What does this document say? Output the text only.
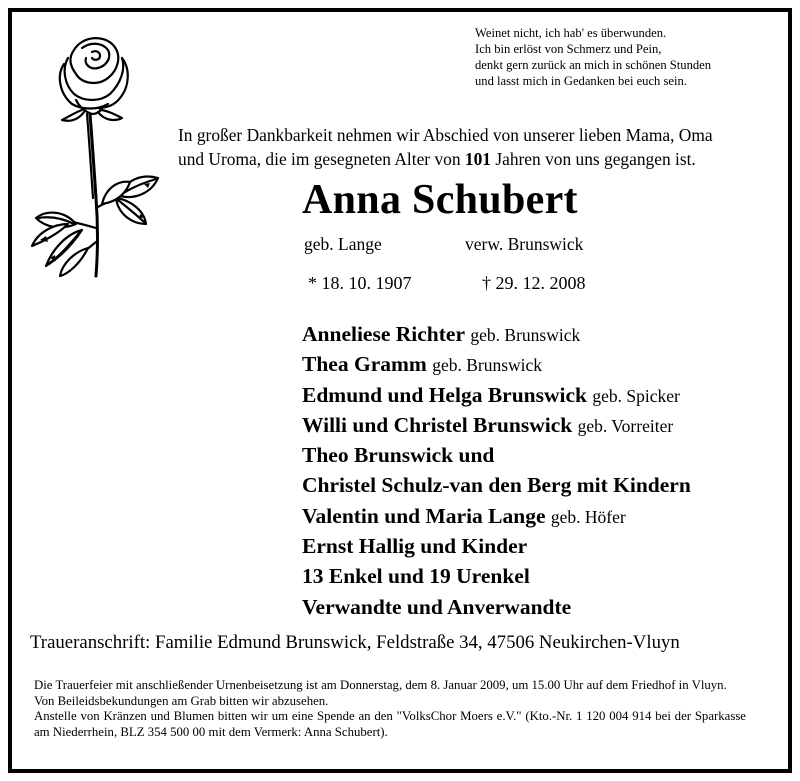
Weinet nicht, ich hab' es überwunden.
Ich bin erlöst von Schmerz und Pein,
denkt gern zurück an mich in schönen Stunden
und lasst mich in Gedanken bei euch sein.
In großer Dankbarkeit nehmen wir Abschied von unserer lieben Mama, Oma
und Uroma, die im gesegneten Alter von 101 Jahren von uns gegangen ist.
Anna Schubert
geb. Lange	verw. Brunswick
* 18. 10. 1907	† 29. 12. 2008
Anneliese Richter geb. Brunswick
Thea Gramm geb. Brunswick
Edmund und Helga Brunswick geb. Spicker
Willi und Christel Brunswick geb. Vorreiter
Theo Brunswick und
Christel Schulz-van den Berg mit Kindern
Valentin und Maria Lange geb. Höfer
Ernst Hallig und Kinder
13 Enkel und 19 Urenkel
Verwandte und Anverwandte
Traueranschrift: Familie Edmund Brunswick, Feldstraße 34, 47506 Neukirchen-Vluyn

Die Trauerfeier mit anschließender Urnenbeisetzung ist am Donnerstag, dem 8. Januar 2009, um 15.00 Uhr auf dem Friedhof in Vluyn.

Von Beileidsbekundungen am Grab bitten wir abzusehen.

Anstelle von Kränzen und Blumen bitten wir um eine Spende an den "VolksChor Moers e.V." (Kto.-Nr. 1 120 004 914 bei der Sparkasse am Niederrhein, BLZ 354 500 00 mit dem Vermerk: Anna Schubert).
